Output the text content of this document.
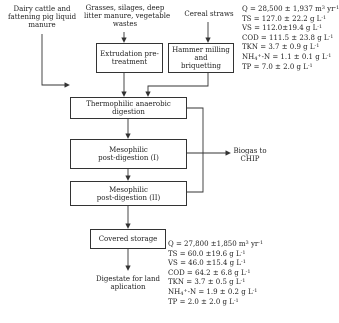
Dairy cattle and
fattening pig liquid
manure
Grasses, silages, deep
litter manure, vegetable
wastes
Cereal straws
Extrudation pre-
treatment
Hammer milling and
briquetting
Thermophilic anaerobic
digestion
Mesophilic
post-digestion (I)
Mesophilic
post-digestion (II)
Covered storage
Biogas to
CHIP
Digestate for land
aplication
Q = 28,500 ± 1,937 $m^3$ $yr^{-1}$
TS = 127.0 ± 22.2 g $L^{-1}$
VS = 112.0±19.4 g $L^{-1}$
COD = 111.5 ± 23.8 g $L^{-1}$
TKN = 3.7 ± 0.9 g $L^{-1}$
$NH_4^+-N = 1.1 \pm 0.1$ g $L^{-1}$
TP = 7.0 ± 2.0 g $L^{-1}$
Q = 27,800 ±1,850 $m^3$ $yr^{-1}$
TS = 60.0 ±19.6 g $L^{-1}$
VS = 46.0 ±15.4 g $L^{-1}$
COD = 64.2 ± 6.8 g $L^{-1}$
TKN = 3.7 ± 0.5 g $L^{-1}$
$NH_4^+-N = 1.9 \pm 0.2$ g $L^{-1}$
TP = 2.0 ± 2.0 g $L^{-1}$
